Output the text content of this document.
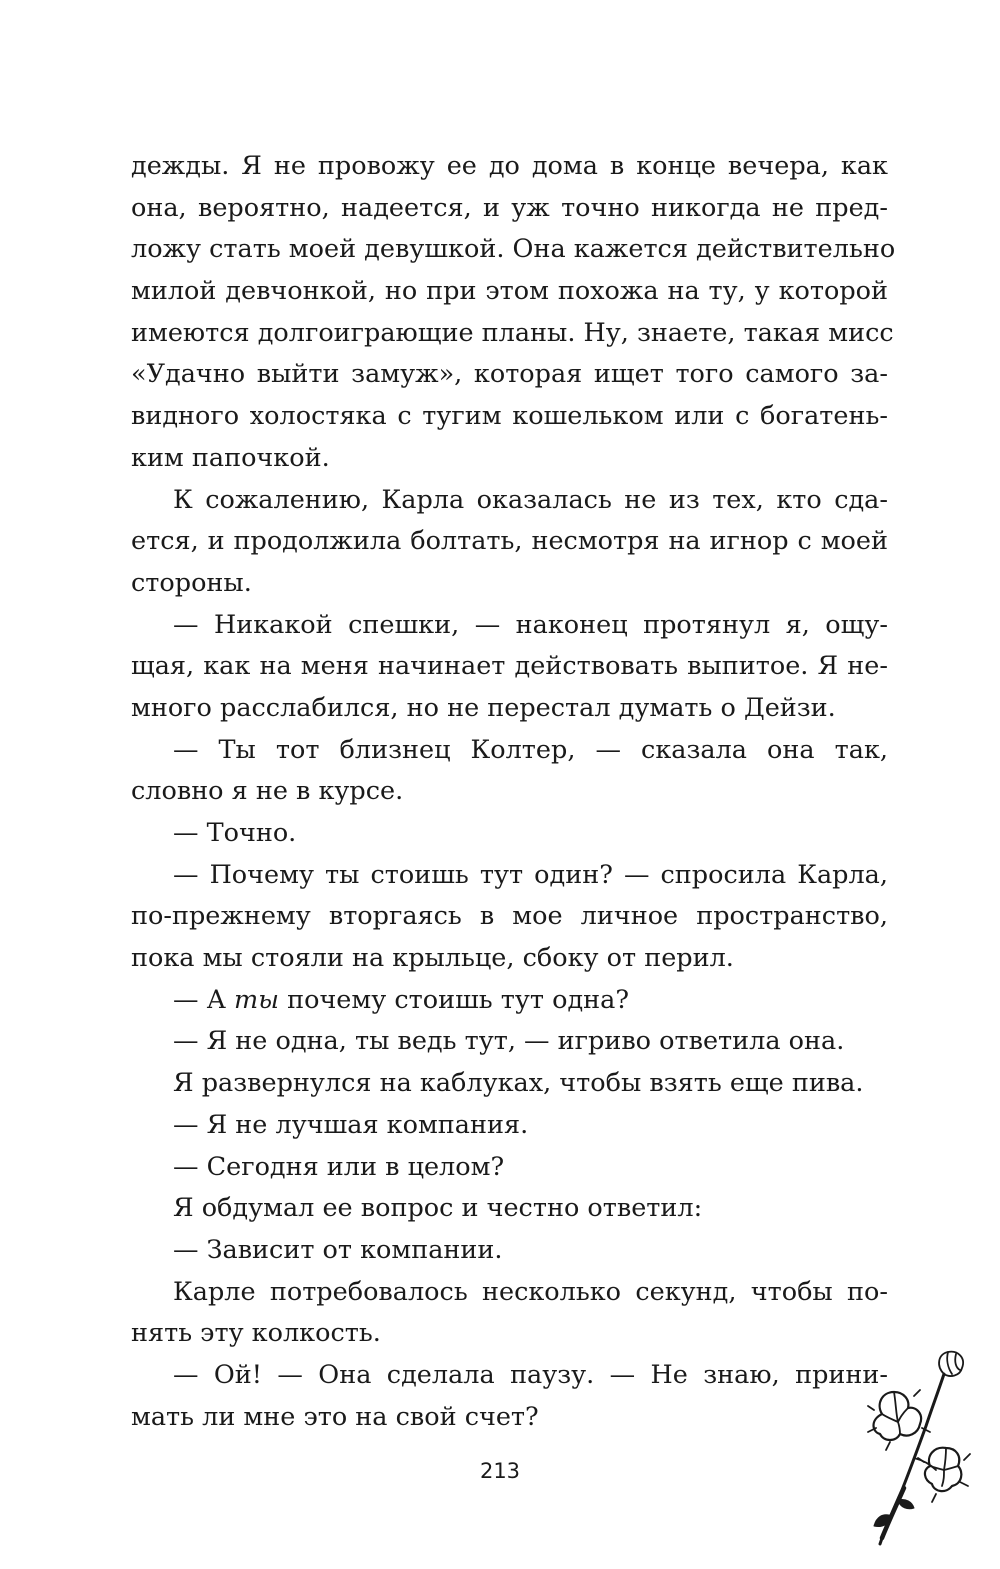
дежды. Я не провожу ее до дома в конце вечера, как
она, вероятно, надеется, и уж точно никогда не пред-
ложу стать моей девушкой. Она кажется действительно
милой девчонкой, но при этом похожа на ту, у которой
имеются долгоиграющие планы. Ну, знаете, такая мисс
«Удачно выйти замуж», которая ищет того самого за-
видного холостяка с тугим кошельком или с богатень-
ким папочкой.
К сожалению, Карла оказалась не из тех, кто сда-
ется, и продолжила болтать, несмотря на игнор с моей
стороны.
— Никакой спешки, — наконец протянул я, ощу-
щая, как на меня начинает действовать выпитое. Я не-
много расслабился, но не перестал думать о Дейзи.
— Ты тот близнец Колтер, — сказала она так,
словно я не в курсе.
— Точно.
— Почему ты стоишь тут один? — спросила Карла,
по-прежнему вторгаясь в мое личное пространство,
пока мы стояли на крыльце, сбоку от перил.
— А ты почему стоишь тут одна?
— Я не одна, ты ведь тут, — игриво ответила она.
Я развернулся на каблуках, чтобы взять еще пива.
— Я не лучшая компания.
— Сегодня или в целом?
Я обдумал ее вопрос и честно ответил:
— Зависит от компании.
Карле потребовалось несколько секунд, чтобы по-
нять эту колкость.
— Ой! — Она сделала паузу. — Не знаю, прини-
мать ли мне это на свой счет?
213
